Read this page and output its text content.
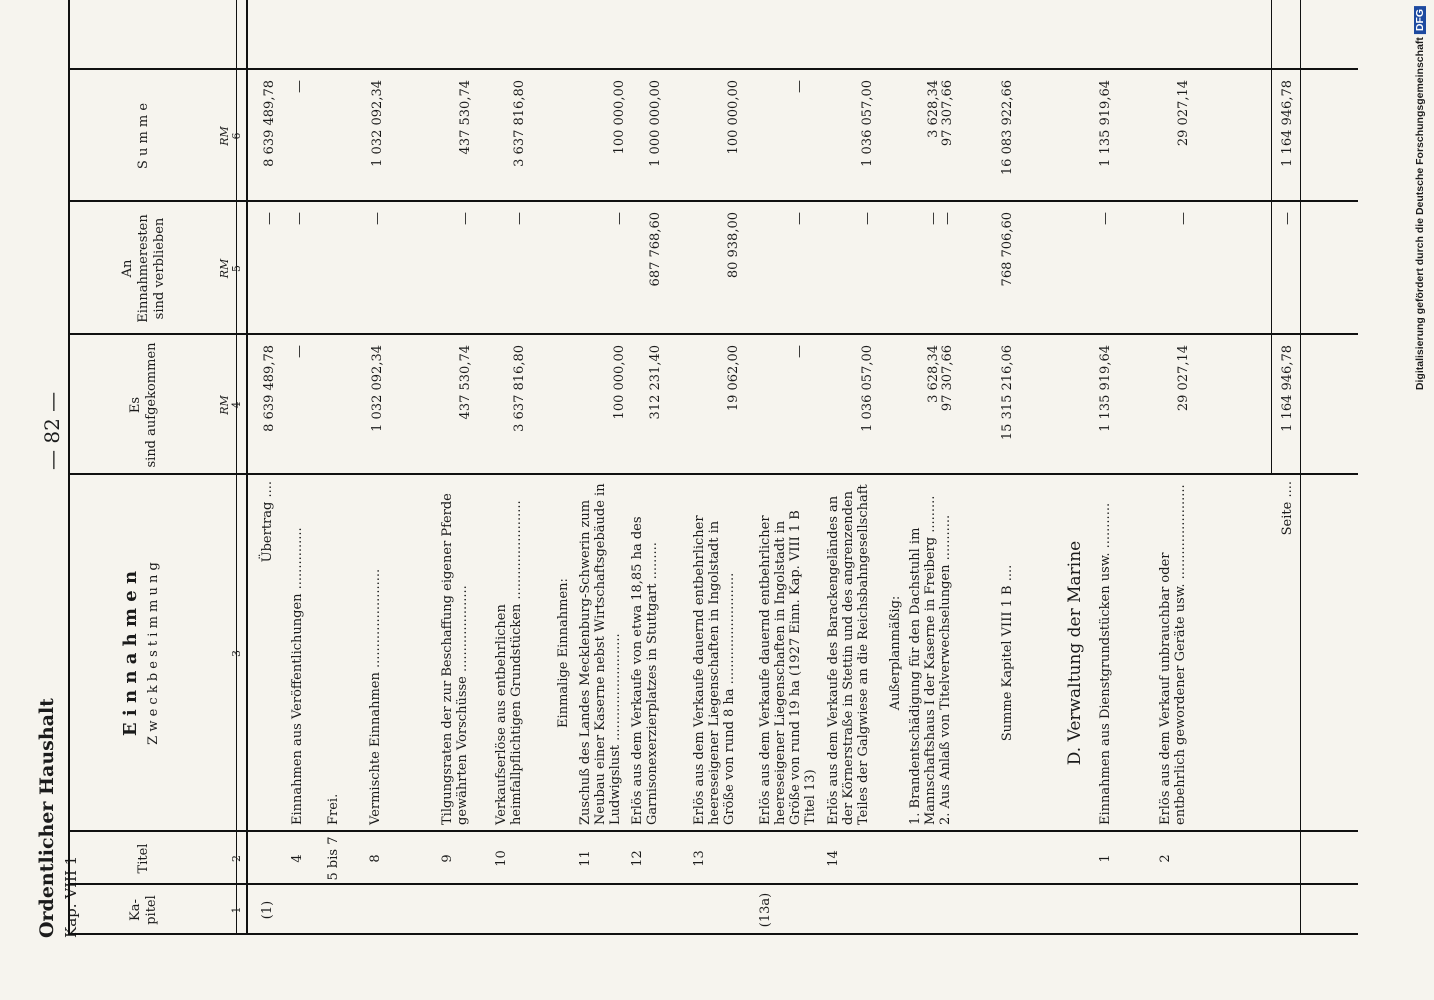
Digitalisierung gefördert durch die Deutsche ForschungsgemeinschaftDFG
Ordentlicher Haushalt Kap. VIII 1
— 82 —
Ka-
pitel
Titel
E i n n a h m e n Z w e c k b e s t i m m u n g
Es
sind aufgekommen
An
Einnahmeresten
sind verblieben
S u m m e
RM
RM
RM
1
2
3
4
5
6
(1)
Übertrag ....
8 639 489,78
—
8 639 489,78
4
Einnahmen aus Veröffentlichungen ...............
—
—
—
5 bis 7
Frei.
8
Vermischte Einnahmen ........................
1 032 092,34
—
1 032 092,34
9
Tilgungsraten der zur Beschaffung eigener Pferde gewährten Vorschüsse .....................
437 530,74
—
437 530,74
10
Verkaufserlöse aus entbehrlichen heimfallpflichtigen Grundstücken ........................
3 637 816,80
—
3 637 816,80
Einmalige Einnahmen:
11
Zuschuß des Landes Mecklenburg-Schwerin zum Neubau einer Kaserne nebst Wirtschaftsgebäude in Ludwigslust ..........................
100 000,00
—
100 000,00
12
Erlös aus dem Verkaufe von etwa 18,85 ha des Garnisonexerzierplatzes in Stuttgart .........
312 231,40
687 768,60
1 000 000,00
13
Erlös aus dem Verkaufe dauernd entbehrlicher heereseigener Liegenschaften in Ingolstadt in Größe von rund 8 ha ...........................
19 062,00
80 938,00
100 000,00
(13a)
Erlös aus dem Verkaufe dauernd entbehrlicher heereseigener Liegenschaften in Ingolstadt in Größe von rund 19 ha (1927 Einn. Kap. VIII 1 B Titel 13)
—
—
—
14
Erlös aus dem Verkaufe des Barackengeländes an der Körnerstraße in Stettin und des angrenzenden Teiles der Galgwiese an die Reichsbahngesellschaft
1 036 057,00
—
1 036 057,00
Außerplanmäßig: 1. Brandentschädigung für den Dachstuhl im Mannschaftshaus I der Kaserne in Freiberg .........
3 628,34
—
3 628,34
2. Aus Anlaß von Titelverwechselungen ...........
97 307,66
—
97 307,66
Summe Kapitel VIII 1 B ....
15 315 216,06
768 706,60
16 083 922,66
D. Verwaltung der Marine
1
Einnahmen aus Dienstgrundstücken usw. ...........
1 135 919,64
—
1 135 919,64
2
Erlös aus dem Verkauf unbrauchbar oder entbehrlich gewordener Geräte usw. .......................
29 027,14
—
29 027,14
Seite ....
1 164 946,78
—
1 164 946,78
